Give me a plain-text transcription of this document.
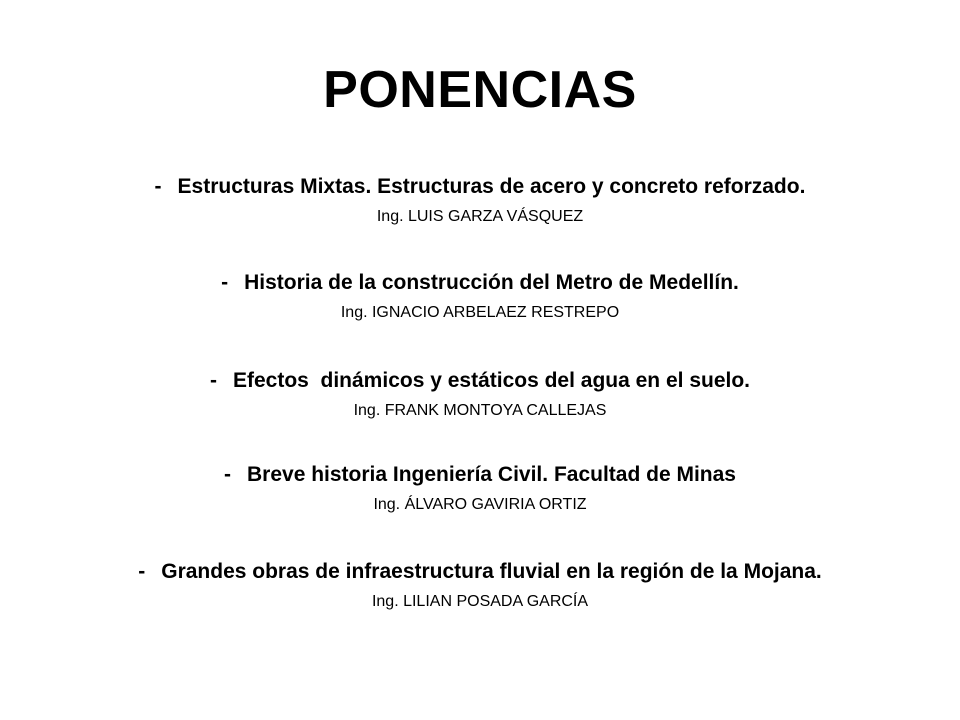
PONENCIAS
- Estructuras Mixtas. Estructuras de acero y concreto reforzado.
Ing. LUIS GARZA VÁSQUEZ
- Historia de la construcción del Metro de Medellín.
Ing. IGNACIO ARBELAEZ RESTREPO
- Efectos  dinámicos y estáticos del agua en el suelo.
Ing. FRANK MONTOYA CALLEJAS
- Breve historia Ingeniería Civil. Facultad de Minas
Ing. ÁLVARO GAVIRIA ORTIZ
- Grandes obras de infraestructura fluvial en la región de la Mojana.
Ing. LILIAN POSADA GARCÍA
